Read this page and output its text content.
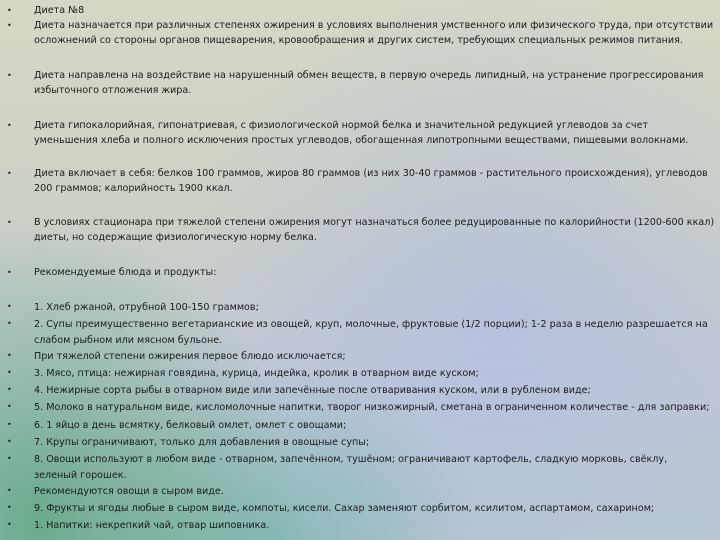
•	Диета №8
•	Диета назначается при различных степенях ожирения в условиях выполнения умственного или физического труда, при отсутствии
осложнений со стороны органов пищеварения, кровообращения и других систем, требующих специальных режимов питания.
•	Диета направлена на воздействие на нарушенный обмен веществ, в первую очередь липидный, на устранение прогрессирования
избыточного отложения жира.
•	Диета гипокалорийная, гипонатриевая, с физиологической нормой белка и значительной редукцией углеводов за счет
уменьшения хлеба и полного исключения простых углеводов, обогащенная липотропными веществами, пищевыми волокнами.
•	Диета включает в себя: белков 100 граммов, жиров 80 граммов (из них 30-40 граммов - растительного происхождения), углеводов
200 граммов; калорийность 1900 ккал.
•	В условиях стационара при тяжелой степени ожирения могут назначаться более редуцированные по калорийности (1200-600 ккал)
диеты, но содержащие физиологическую норму белка.
•	Рекомендуемые блюда и продукты:
•	1. Хлеб ржаной, отрубной 100-150 граммов;
•	2. Супы преимущественно вегетарианские из овощей, круп, молочные, фруктовые (1/2 порции); 1-2 раза в неделю разрешается на
слабом рыбном или мясном бульоне.
•	При тяжелой степени ожирения первое блюдо исключается;
•	3. Мясо, птица: нежирная говядина, курица, индейка, кролик в отварном виде куском;
•	4. Нежирные сорта рыбы в отварном виде или запечённые после отваривания куском, или в рубленом виде;
•	5. Молоко в натуральном виде, кисломолочные напитки, творог низкожирный, сметана в ограниченном количестве - для заправки;
•	6. 1 яйцо в день всмятку, белковый омлет, омлет с овощами;
•	7. Крупы ограничивают, только для добавления в овощные супы;
•	8. Овощи используют в любом виде - отварном, запечённом, тушёном; ограничивают картофель, сладкую морковь, свёклу,
зеленый горошек.
•	Рекомендуются овощи в сыром виде.
•	9. Фрукты и ягоды любые в сыром виде, компоты, кисели. Сахар заменяют сорбитом, ксилитом, аспартамом, сахарином;
•	1. Напитки: некрепкий чай, отвар шиповника.
